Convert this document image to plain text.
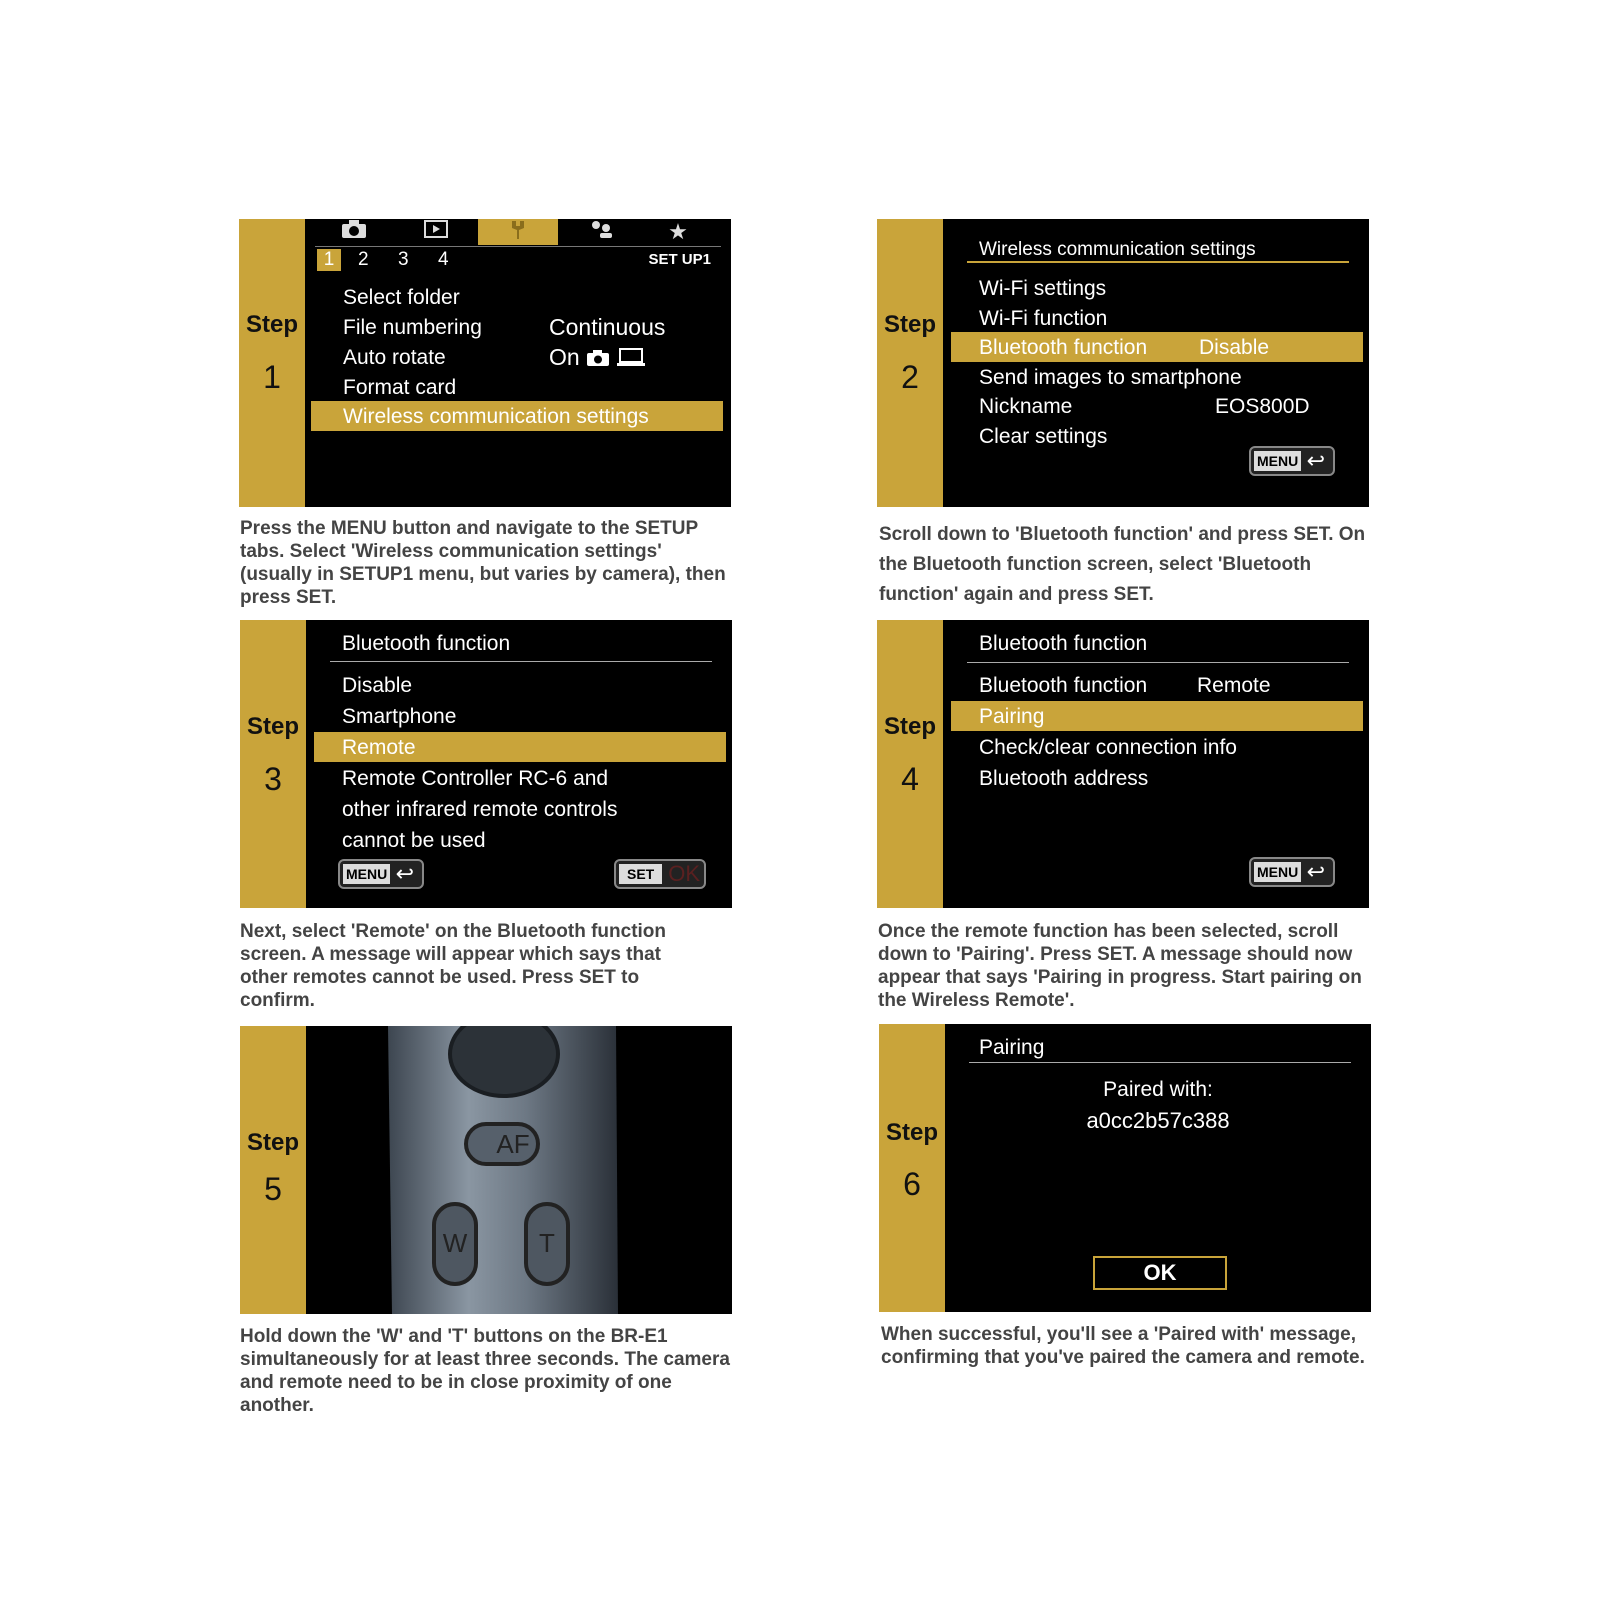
Step
1
★
1	2 3 4	SET UP1
Select folder
File numbering	Continuous
Auto rotate	On
Format card
Wireless communication settings
Press the MENU button and navigate to the SETUP tabs. Select 'Wireless communication settings' (usually in SETUP1 menu, but varies by camera), then press SET.
Step
2
Wireless communication settings
Wi-Fi settings
Wi-Fi function
Bluetooth function Disable
Send images to smartphone
Nickname	EOS800D
Clear settings
MENU ↩
Scroll down to 'Bluetooth function' and press SET. On the Bluetooth function screen, select 'Bluetooth function' again and press SET.
Step
3
Bluetooth function
Disable
Smartphone
Remote
Remote Controller RC-6 and
other infrared remote controls
cannot be used
MENU ↩	SET OK
Next, select 'Remote' on the Bluetooth function screen. A message will appear which says that other remotes cannot be used. Press SET to confirm.
Step
4
Bluetooth function
Bluetooth function Remote
Pairing
Check/clear connection info
Bluetooth address
MENU ↩
Once the remote function has been selected, scroll down to 'Pairing'. Press SET. A message should now appear that says 'Pairing in progress. Start pairing on the Wireless Remote'.
Step
5
AF
W	T
Hold down the 'W' and 'T' buttons on the BR-E1 simultaneously for at least three seconds. The camera and remote need to be in close proximity of one another.
Step
6
Pairing
Paired with:
a0cc2b57c388
OK
When successful, you'll see a 'Paired with' message, confirming that you've paired the camera and remote.
